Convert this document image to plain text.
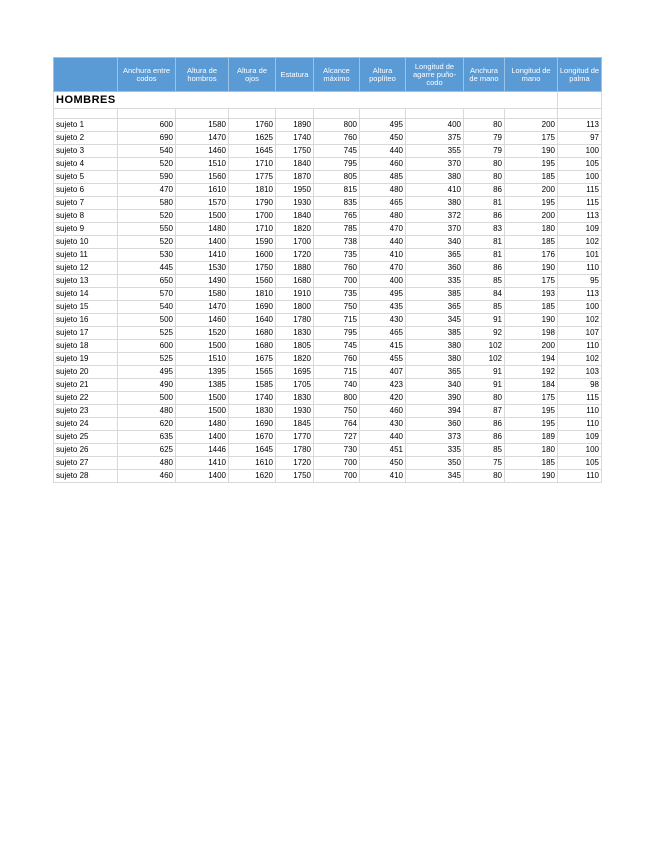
HOMBRES										

	Anchura entre codos	Altura de hombros	Altura de ojos	Estatura	Alcance máximo	Altura poplíteo	Longitud de agarre puño-codo	Anchura de mano	Longitud de mano	Longitud de palma
sujeto 1	600	1580	1760	1890	800	495	400	80	200	113
sujeto 2	690	1470	1625	1740	760	450	375	79	175	97
sujeto 3	540	1460	1645	1750	745	440	355	79	190	100
sujeto 4	520	1510	1710	1840	795	460	370	80	195	105
sujeto 5	590	1560	1775	1870	805	485	380	80	185	100
sujeto 6	470	1610	1810	1950	815	480	410	86	200	115
sujeto 7	580	1570	1790	1930	835	465	380	81	195	115
sujeto 8	520	1500	1700	1840	765	480	372	86	200	113
sujeto 9	550	1480	1710	1820	785	470	370	83	180	109
sujeto 10	520	1400	1590	1700	738	440	340	81	185	102
sujeto 11	530	1410	1600	1720	735	410	365	81	176	101
sujeto 12	445	1530	1750	1880	760	470	360	86	190	110
sujeto 13	650	1490	1560	1680	700	400	335	85	175	95
sujeto 14	570	1580	1810	1910	735	495	385	84	193	113
sujeto 15	540	1470	1690	1800	750	435	365	85	185	100
sujeto 16	500	1460	1640	1780	715	430	345	91	190	102
sujeto 17	525	1520	1680	1830	795	465	385	92	198	107
sujeto 18	600	1500	1680	1805	745	415	380	102	200	110
sujeto 19	525	1510	1675	1820	760	455	380	102	194	102
sujeto 20	495	1395	1565	1695	715	407	365	91	192	103
sujeto 21	490	1385	1585	1705	740	423	340	91	184	98
sujeto 22	500	1500	1740	1830	800	420	390	80	175	115
sujeto 23	480	1500	1830	1930	750	460	394	87	195	110
sujeto 24	620	1480	1690	1845	764	430	360	86	195	110
sujeto 25	635	1400	1670	1770	727	440	373	86	189	109
sujeto 26	625	1446	1645	1780	730	451	335	85	180	100
sujeto 27	480	1410	1610	1720	700	450	350	75	185	105
sujeto 28	460	1400	1620	1750	700	410	345	80	190	110
